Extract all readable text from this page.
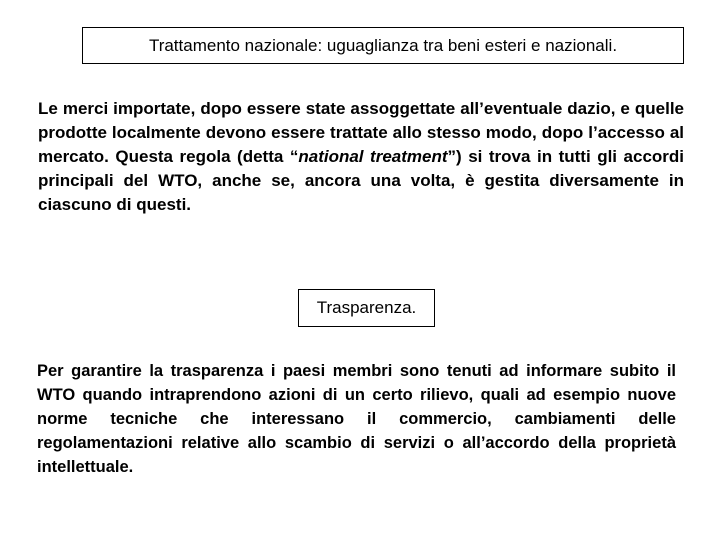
Trattamento nazionale: uguaglianza tra beni esteri e nazionali.
Le merci importate, dopo essere state assoggettate all’eventuale dazio, e quelle prodotte localmente devono essere trattate allo stesso modo, dopo l’accesso al mercato. Questa regola (detta “national treatment”) si trova in tutti gli accordi principali del WTO, anche se, ancora una volta, è gestita diversamente in ciascuno di questi.
Trasparenza.
Per garantire la trasparenza i paesi membri sono tenuti ad informare subito il WTO quando intraprendono azioni di un certo rilievo, quali ad esempio nuove norme tecniche che interessano il commercio, cambiamenti delle regolamentazioni relative allo scambio di servizi o all’accordo della proprietà intellettuale.
